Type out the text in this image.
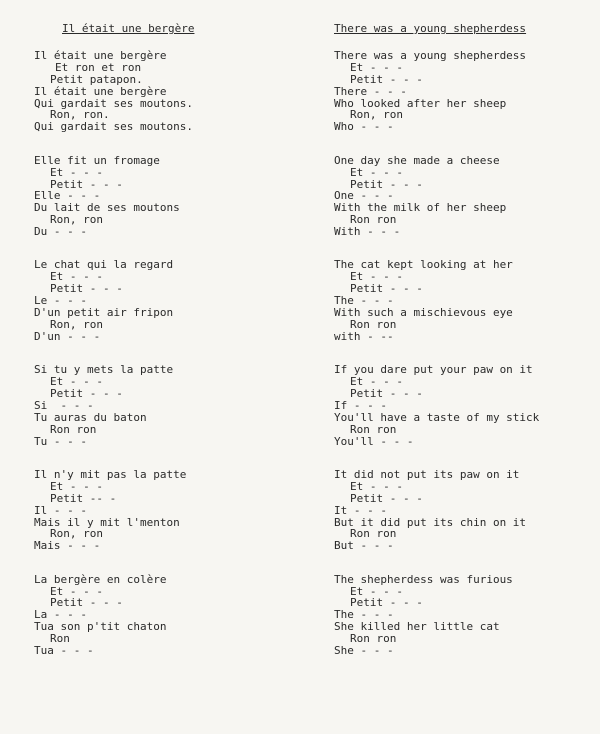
Il était une bergère
Il était une bergère
Et ron et ron
Petit patapon.
Il était une bergère
Qui gardait ses moutons.
Ron, ron.
Qui gardait ses moutons.
Elle fit un fromage
Et - - -
Petit - - -
Elle - - -
Du lait de ses moutons
Ron, ron
Du - - -
Le chat qui la regard
Et - - -
Petit - - -
Le - - -
D'un petit air fripon
Ron, ron
D'un - - -
Si tu y mets la patte
Et - - -
Petit - - -
Si  - - -
Tu auras du baton
Ron ron
Tu - - -
Il n'y mit pas la patte
Et - - -
Petit -- -
Il - - -
Mais il y mit l'menton
Ron, ron
Mais - - -
La bergère en colère
Et - - -
Petit - - -
La - - -
Tua son p'tit chaton
Ron
Tua - - -
There was a young shepherdess
There was a young shepherdess
Et - - -
Petit - - -
There - - -
Who looked after her sheep
Ron, ron
Who - - -
One day she made a cheese
Et - - -
Petit - - -
One - - -
With the milk of her sheep
Ron ron
With - - -
The cat kept looking at her
Et - - -
Petit - - -
The - - -
With such a mischievous eye
Ron ron
with - --
If you dare put your paw on it
Et - - -
Petit - - -
If - - -
You'll have a taste of my stick
Ron ron
You'll - - -
It did not put its paw on it
Et - - -
Petit - - -
It - - -
But it did put its chin on it
Ron ron
But - - -
The shepherdess was furious
Et - - -
Petit - - -
The - - -
She killed her little cat
Ron ron
She - - -
